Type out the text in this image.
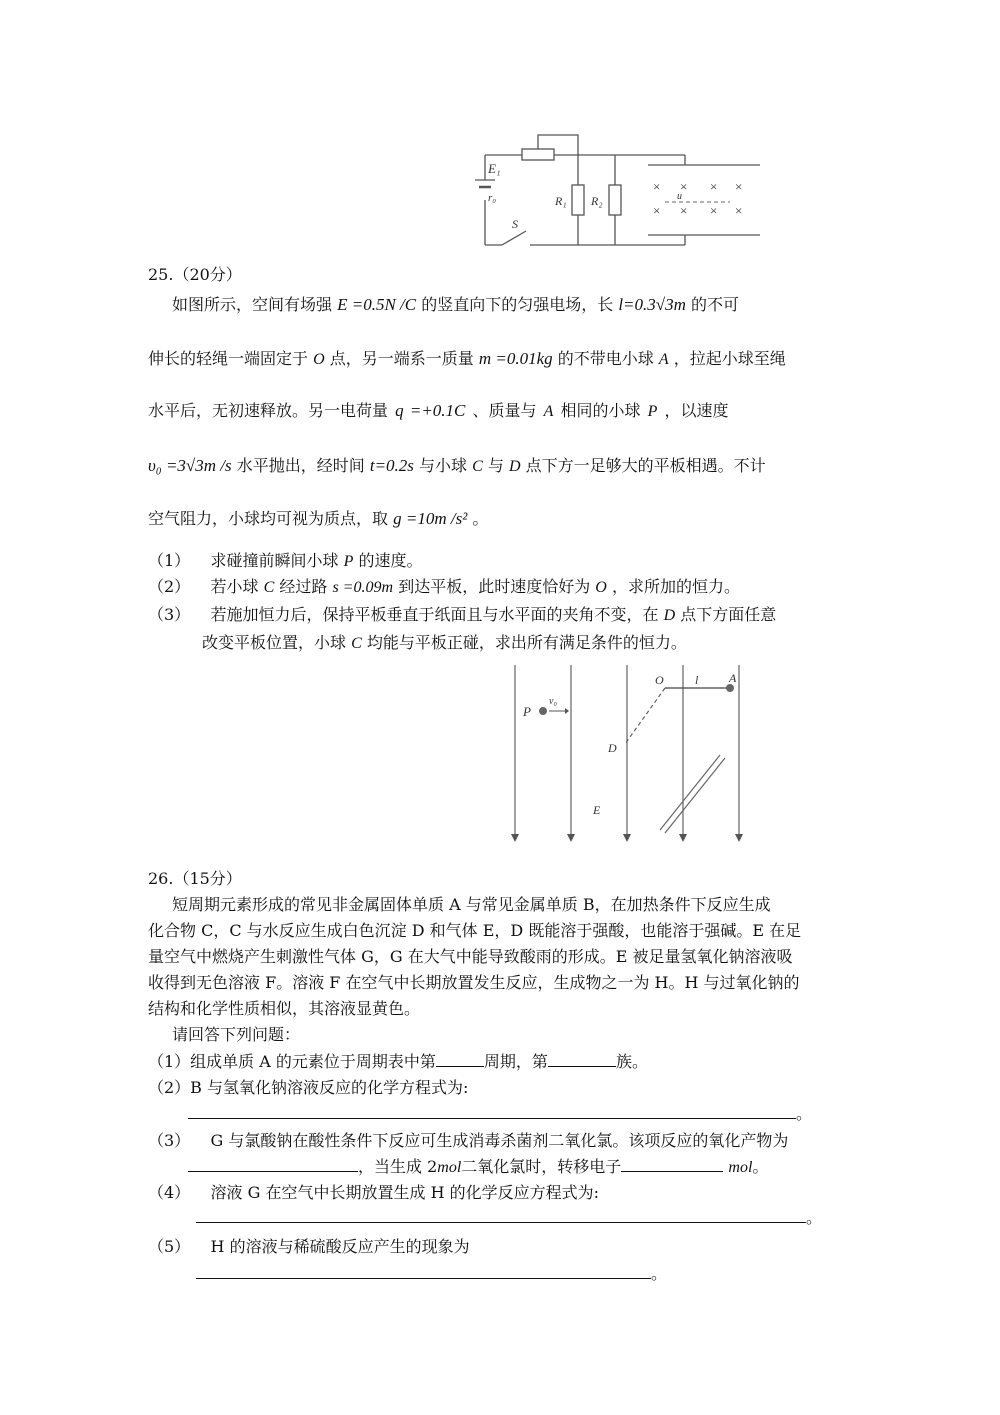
× × × ×
× × × ×
u
E₁
r₀	R₁ R₂
S
25.（20分）
如图所示，空间有场强 E =0.5N /C 的竖直向下的匀强电场，长 l=0.3√3m 的不可
伸长的轻绳一端固定于 O 点，另一端系一质量 m =0.01kg 的不带电小球 A ，拉起小球至绳
水平后，无初速释放。另一电荷量 q =+0.1C 、质量与 A 相同的小球 P ，以速度
υ₀ =3√3m /s 水平抛出，经时间 t=0.2s 与小球 C 与 D 点下方一足够大的平板相遇。不计
空气阻力，小球均可视为质点，取 g =10m /s² 。
（1） 求碰撞前瞬间小球 P 的速度。
（2） 若小球 C 经过路 s =0.09m 到达平板，此时速度恰好为 O ，求所加的恒力。
（3） 若施加恒力后，保持平板垂直于纸面且与水平面的夹角不变，在 D 点下方面任意
改变平板位置，小球 C 均能与平板正碰，求出所有满足条件的恒力。
P
v₀
O	l	A
D
E
26.（15分）
短周期元素形成的常见非金属固体单质 A 与常见金属单质 B，在加热条件下反应生成
化合物 C，C 与水反应生成白色沉淀 D 和气体 E，D 既能溶于强酸，也能溶于强碱。E 在足
量空气中燃烧产生刺激性气体 G，G 在大气中能导致酸雨的形成。E 被足量氢氧化钠溶液吸
收得到无色溶液 F。溶液 F 在空气中长期放置发生反应，生成物之一为 H。H 与过氧化钠的
结构和化学性质相似，其溶液显黄色。
请回答下列问题：
（1）组成单质 A 的元素位于周期表中第	周期，第	族。
（2）B 与氢氧化钠溶液反应的化学方程式为:
。
（3） G 与氯酸钠在酸性条件下反应可生成消毒杀菌剂二氧化氯。该项反应的氧化产物为
，当生成 2mol二氧化氯时，转移电子	mol。
（4） 溶液 G 在空气中长期放置生成 H 的化学反应方程式为:
。
（5） H 的溶液与稀硫酸反应产生的现象为
。
